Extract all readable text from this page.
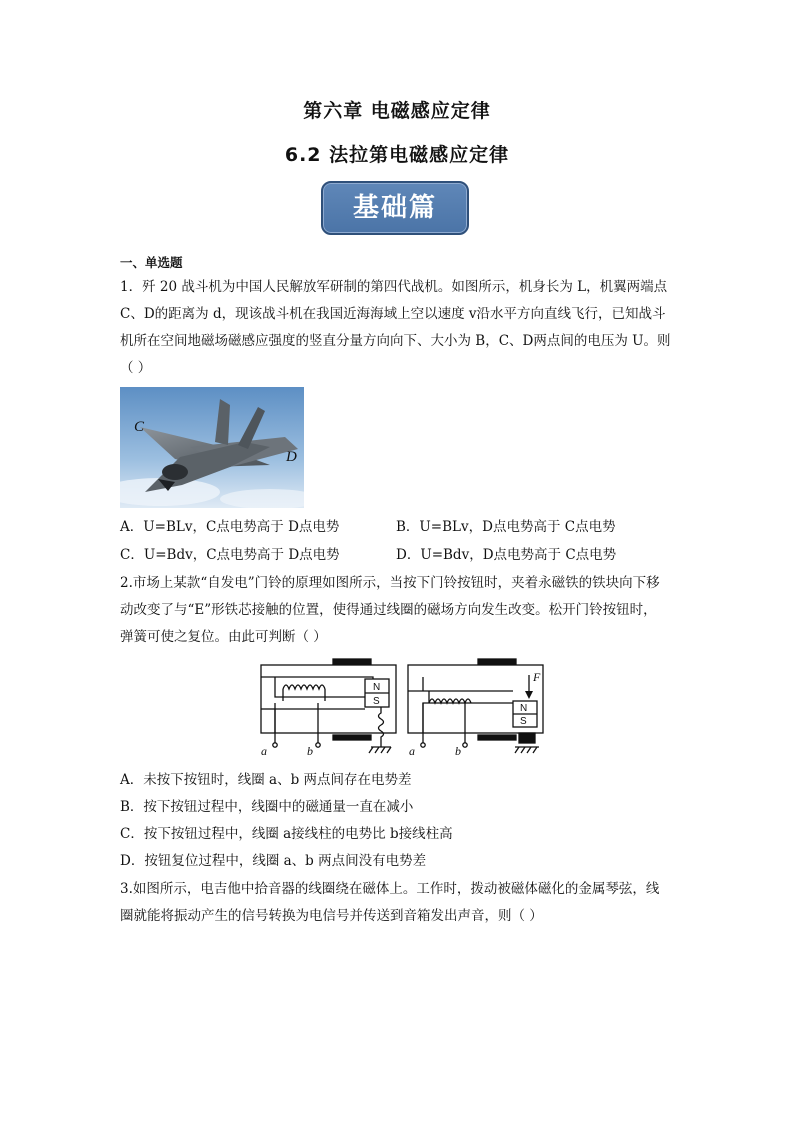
第六章 电磁感应定律
6.2 法拉第电磁感应定律
基础篇
一、单选题
1．歼 20 战斗机为中国人民解放军研制的第四代战机。如图所示，机身长为 L，机翼两端点
C、D的距离为 d，现该战斗机在我国近海海域上空以速度 v沿水平方向直线飞行，已知战斗
机所在空间地磁场磁感应强度的竖直分量方向向下、大小为 B，C、D两点间的电压为 U。则
（ ）
C
D
A．U=BLv，C点电势高于 D点电势	B．U=BLv，D点电势高于 C点电势
C．U=Bdv，C点电势高于 D点电势	D．U=Bdv，D点电势高于 C点电势
2.市场上某款“自发电”门铃的原理如图所示，当按下门铃按钮时，夹着永磁铁的铁块向下移
动改变了与“E”形铁芯接触的位置，使得通过线圈的磁场方向发生改变。松开门铃按钮时，
弹簧可使之复位。由此可判断（ ）
N
S
a	b
N
S
a	b
F
A．未按下按钮时，线圈 a、b 两点间存在电势差
B．按下按钮过程中，线圈中的磁通量一直在减小
C．按下按钮过程中，线圈 a接线柱的电势比 b接线柱高
D．按钮复位过程中，线圈 a、b 两点间没有电势差
3.如图所示，电吉他中拾音器的线圈绕在磁体上。工作时，拨动被磁体磁化的金属琴弦，线
圈就能将振动产生的信号转换为电信号并传送到音箱发出声音，则（ ）
